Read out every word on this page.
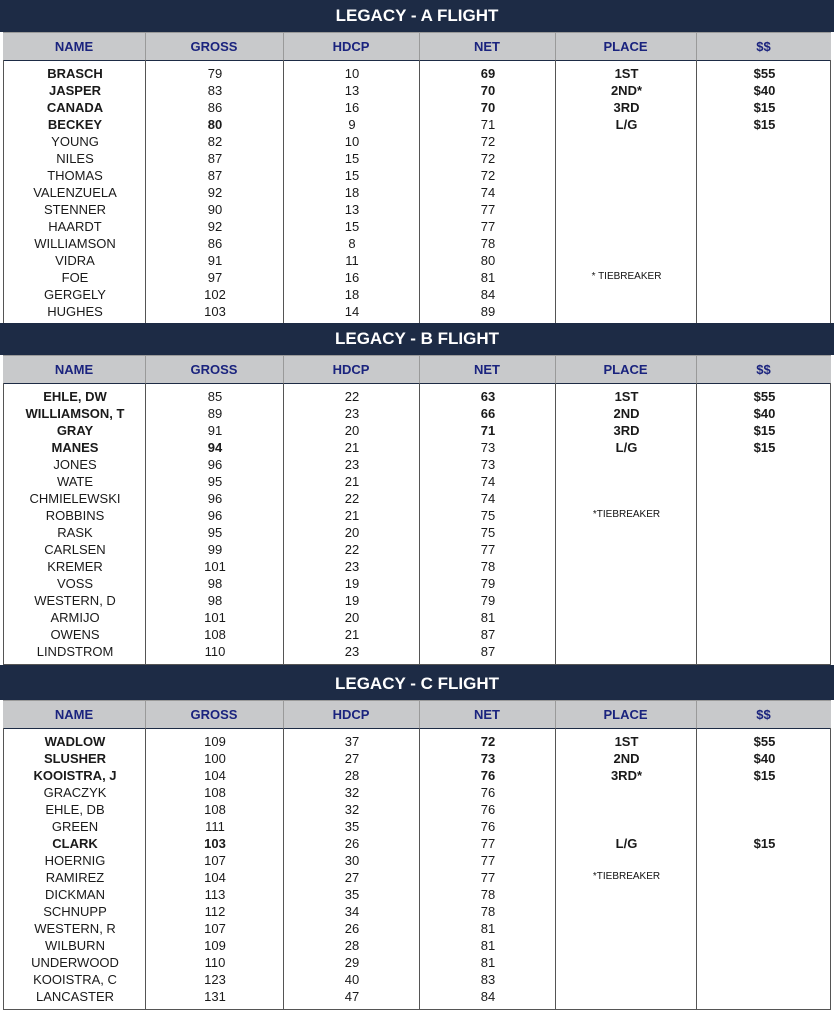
LEGACY - A FLIGHT
NAME	GROSS	HDCP	NET	PLACE	$$
BRASCH	79	10	69	1ST	$55
JASPER	83	13	70	2ND*	$40
CANADA	86	16	70	3RD	$15
BECKEY	80	9	71	L/G	$15
YOUNG	82	10	72
NILES	87	15	72
THOMAS	87	15	72
VALENZUELA	92	18	74
STENNER	90	13	77
HAARDT	92	15	77
WILLIAMSON	86	8	78
VIDRA	91	11	80
FOE	97	16	81
GERGELY	102	18	84
HUGHES	103	14	89
* TIEBREAKER
LEGACY - B FLIGHT
NAME	GROSS	HDCP	NET	PLACE	$$
EHLE, DW	85	22	63	1ST	$55
WILLIAMSON, T	89	23	66	2ND	$40
GRAY	91	20	71	3RD	$15
MANES	94	21	73	L/G	$15
JONES	96	23	73
WATE	95	21	74
CHMIELEWSKI	96	22	74
ROBBINS	96	21	75
RASK	95	20	75
CARLSEN	99	22	77
KREMER	101	23	78
VOSS	98	19	79
WESTERN, D	98	19	79
ARMIJO	101	20	81
OWENS	108	21	87
LINDSTROM	110	23	87
*TIEBREAKER
LEGACY - C FLIGHT
NAME	GROSS	HDCP	NET	PLACE	$$
WADLOW	109	37	72	1ST	$55
SLUSHER	100	27	73	2ND	$40
KOOISTRA, J	104	28	76	3RD*	$15
GRACZYK	108	32	76
EHLE, DB	108	32	76
GREEN	111	35	76
CLARK	103	26	77	L/G	$15
HOERNIG	107	30	77
RAMIREZ	104	27	77
DICKMAN	113	35	78
SCHNUPP	112	34	78
WESTERN, R	107	26	81
WILBURN	109	28	81
UNDERWOOD	110	29	81
KOOISTRA, C	123	40	83
LANCASTER	131	47	84
*TIEBREAKER
